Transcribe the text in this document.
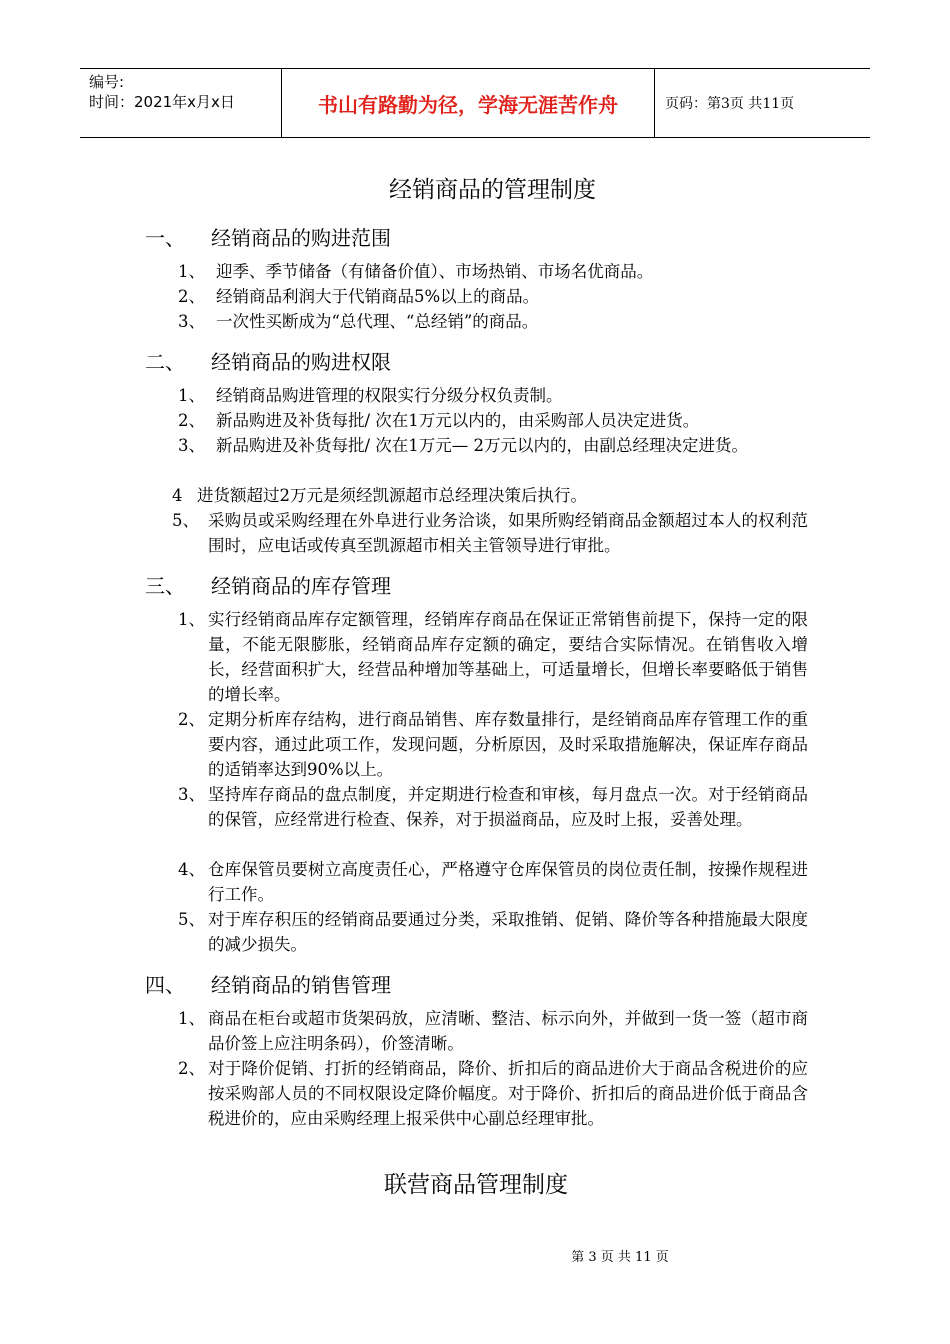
编号:
时间：2021年x月x日	书山有路勤为径，学海无涯苦作舟	页码：第3页 共11页
经销商品的管理制度
一、	经销商品的购进范围
1、 迎季、季节储备（有储备价值）、市场热销、市场名优商品。
2、 经销商品利润大于代销商品5%以上的商品。
3、 一次性买断成为“总代理、“总经销”的商品。
二、	经销商品的购进权限
1、 经销商品购进管理的权限实行分级分权负责制。
2、 新品购进及补货每批/ 次在1万元以内的，由采购部人员决定进货。
3、 新品购进及补货每批/ 次在1万元— 2万元以内的，由副总经理决定进货。
4 进货额超过2万元是须经凯源超市总经理决策后执行。
5、 采购员或采购经理在外阜进行业务洽谈，如果所购经销商品金额超过本人的权利范围时，应电话或传真至凯源超市相关主管领导进行审批。
三、	经销商品的库存管理
1、 实行经销商品库存定额管理，经销库存商品在保证正常销售前提下，保持一定的限量，不能无限膨胀，经销商品库存定额的确定，要结合实际情况。在销售收入增长，经营面积扩大，经营品种增加等基础上，可适量增长，但增长率要略低于销售的增长率。
2、 定期分析库存结构，进行商品销售、库存数量排行，是经销商品库存管理工作的重要内容，通过此项工作，发现问题，分析原因，及时采取措施解决，保证库存商品的适销率达到90%以上。
3、 坚持库存商品的盘点制度，并定期进行检查和审核，每月盘点一次。对于经销商品的保管，应经常进行检查、保养，对于损溢商品，应及时上报，妥善处理。
4、 仓库保管员要树立高度责任心，严格遵守仓库保管员的岗位责任制，按操作规程进行工作。
5、 对于库存积压的经销商品要通过分类，采取推销、促销、降价等各种措施最大限度的减少损失。
四、	经销商品的销售管理
1、 商品在柜台或超市货架码放，应清晰、整洁、标示向外，并做到一货一签（超市商品价签上应注明条码），价签清晰。
2、 对于降价促销、打折的经销商品，降价、折扣后的商品进价大于商品含税进价的应按采购部人员的不同权限设定降价幅度。对于降价、折扣后的商品进价低于商品含税进价的，应由采购经理上报采供中心副总经理审批。
联营商品管理制度
第 3 页 共 11 页
